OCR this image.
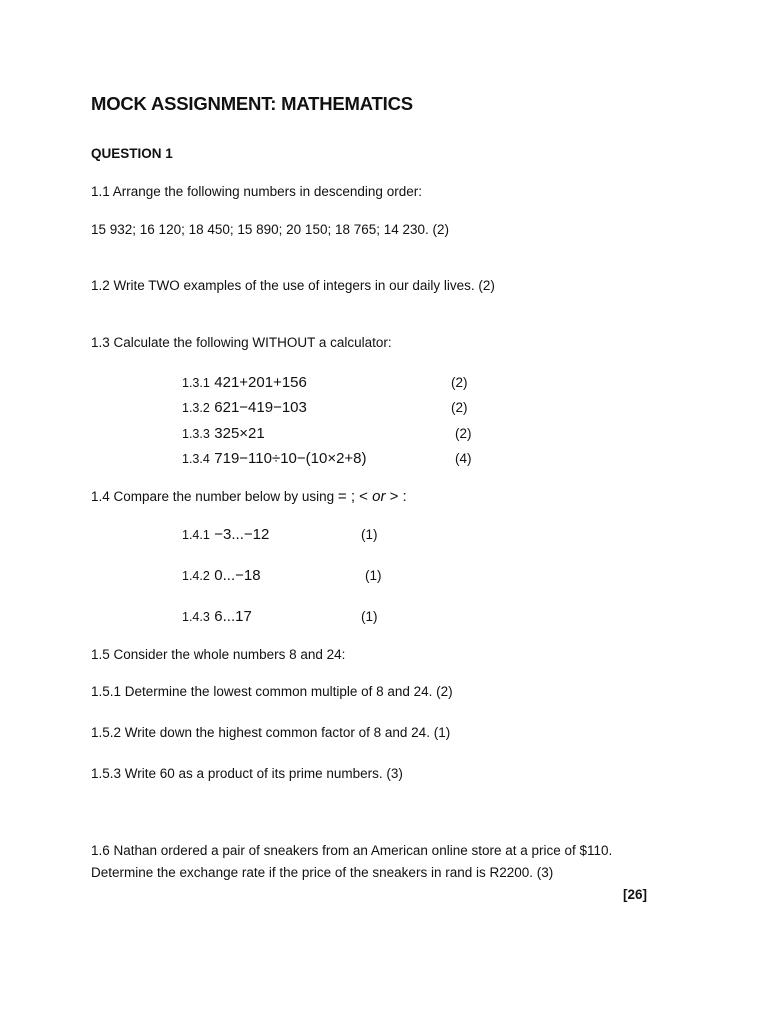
MOCK ASSIGNMENT: MATHEMATICS
QUESTION 1
1.1 Arrange the following numbers in descending order:
15 932; 16 120; 18 450; 15 890; 20 150; 18 765; 14 230. (2)
1.2 Write TWO examples of the use of integers in our daily lives. (2)
1.3 Calculate the following WITHOUT a calculator:
1.3.1 421+201+156	(2)
1.3.2 621−419−103	(2)
1.3.3 325×21	(2)
1.3.4 719−110÷10−(10×2+8)	(4)
1.4 Compare the number below by using = ; < or > :
1.4.1 −3...−12	(1)
1.4.2 0...−18	(1)
1.4.3 6...17	(1)
1.5 Consider the whole numbers 8 and 24:
1.5.1 Determine the lowest common multiple of 8 and 24. (2)
1.5.2 Write down the highest common factor of 8 and 24. (1)
1.5.3 Write 60 as a product of its prime numbers. (3)
1.6 Nathan ordered a pair of sneakers from an American online store at a price of $110.
Determine the exchange rate if the price of the sneakers in rand is R2200. (3)
[26]
